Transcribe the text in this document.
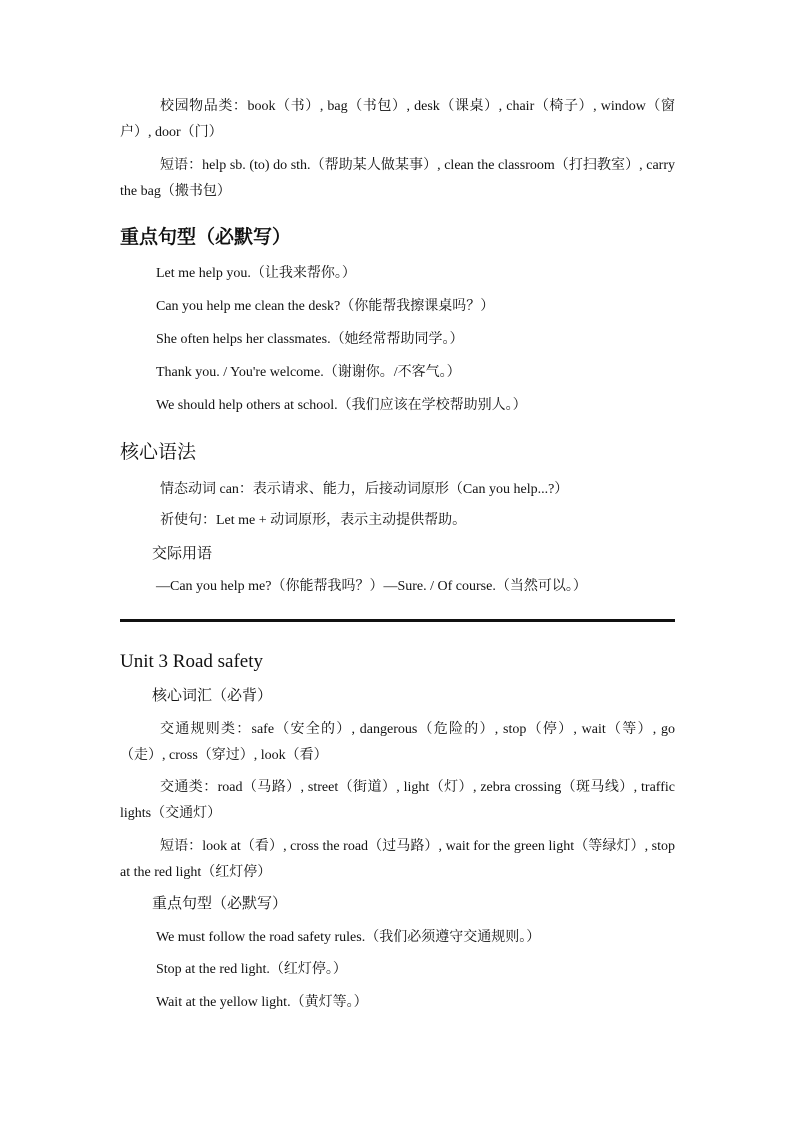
校园物品类：book（书）, bag（书包）, desk（课桌）, chair（椅子）, window（窗户）, door（门）
短语：help sb. (to) do sth.（帮助某人做某事）, clean the classroom（打扫教室）, carry the bag（搬书包）
重点句型（必默写）
Let me help you.（让我来帮你。）
Can you help me clean the desk?（你能帮我擦课桌吗？）
She often helps her classmates.（她经常帮助同学。）
Thank you. / You're welcome.（谢谢你。/不客气。）
We should help others at school.（我们应该在学校帮助别人。）
核心语法
情态动词 can：表示请求、能力，后接动词原形（Can you help...?）
祈使句：Let me + 动词原形，表示主动提供帮助。
交际用语
—Can you help me?（你能帮我吗？）—Sure. / Of course.（当然可以。）
Unit 3 Road safety
核心词汇（必背）
交通规则类：safe（安全的）, dangerous（危险的）, stop（停）, wait（等）, go（走）, cross（穿过）, look（看）
交通类：road（马路）, street（街道）, light（灯）, zebra crossing（斑马线）, traffic lights（交通灯）
短语：look at（看）, cross the road（过马路）, wait for the green light（等绿灯）, stop at the red light（红灯停）
重点句型（必默写）
We must follow the road safety rules.（我们必须遵守交通规则。）
Stop at the red light.（红灯停。）
Wait at the yellow light.（黄灯等。）
